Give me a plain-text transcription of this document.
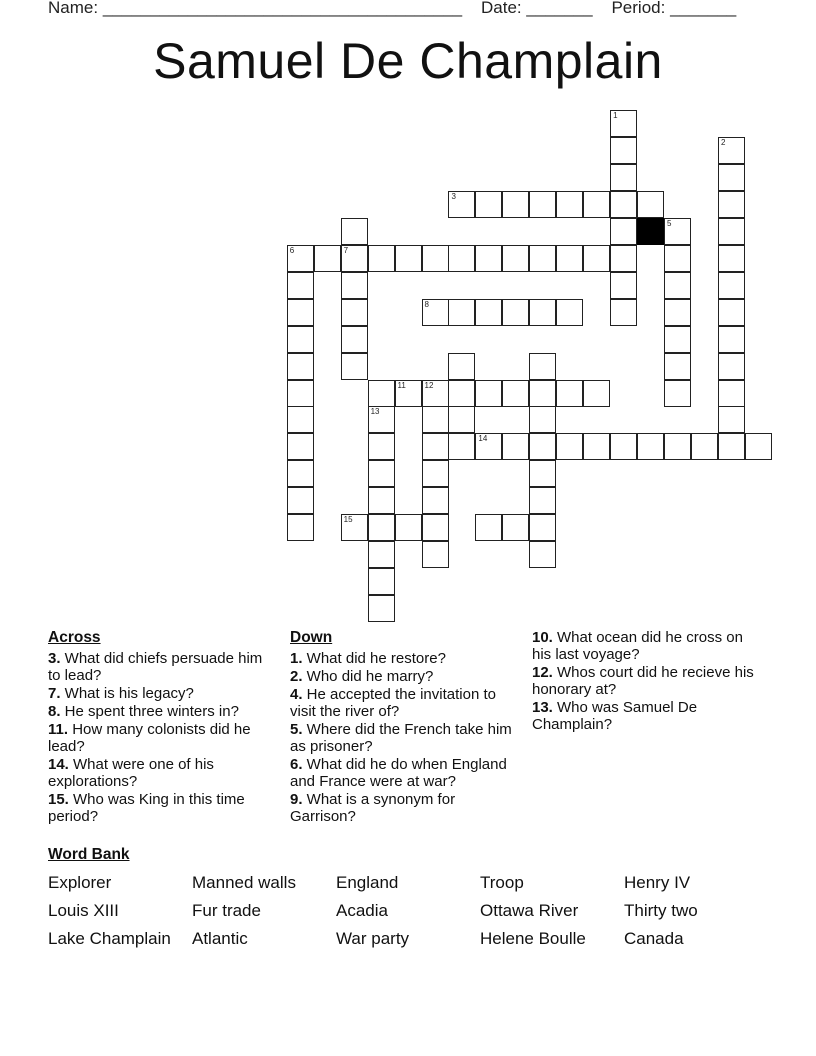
Name: ______________________________________ Date: _______ Period: _______
Samuel De Champlain
1
2
3
7
5
6
8
11 12
13
14
15
Across
3. What did chiefs persuade him to lead?
7. What is his legacy?
8. He spent three winters in?
11. How many colonists did he lead?
14. What were one of his explorations?
15. Who was King in this time period?
Down
1. What did he restore?
2. Who did he marry?
4. He accepted the invitation to visit the river of?
5. Where did the French take him as prisoner?
6. What did he do when England and France were at war?
9. What is a synonym for Garrison?
10. What ocean did he cross on his last voyage?
12. Whos court did he recieve his honorary at?
13. Who was Samuel De Champlain?
Word Bank
Explorer	Manned walls	England	Troop	Henry IV
Louis XIII	Fur trade	Acadia	Ottawa River	Thirty two
Lake Champlain	Atlantic	War party	Helene Boulle	Canada
